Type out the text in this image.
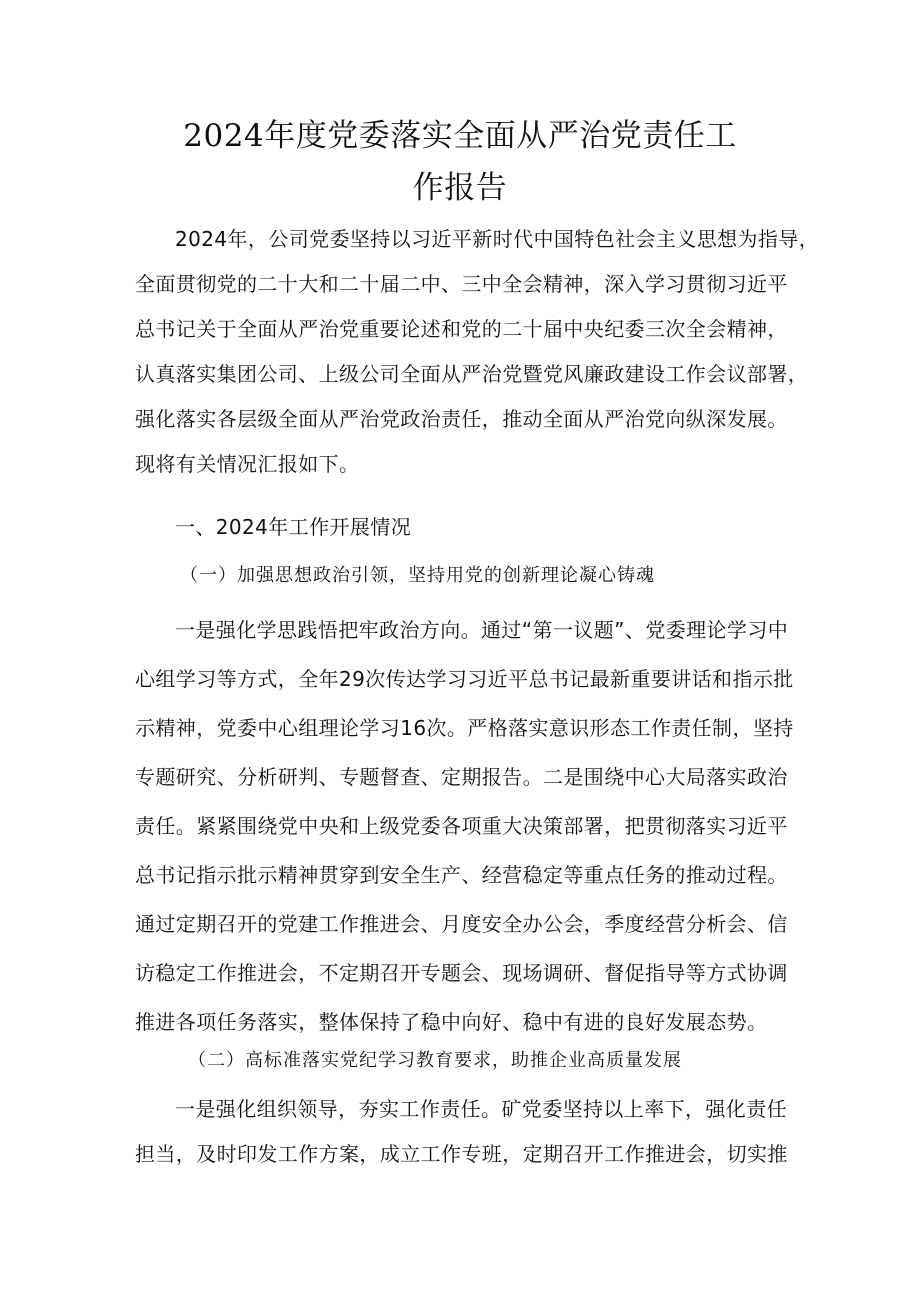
2024年度党委落实全面从严治党责任工
作报告

2024年，公司党委坚持以习近平新时代中国特色社会主义思想为指导，
全面贯彻党的二十大和二十届二中、三中全会精神，深入学习贯彻习近平
总书记关于全面从严治党重要论述和党的二十届中央纪委三次全会精神，
认真落实集团公司、上级公司全面从严治党暨党风廉政建设工作会议部署，
强化落实各层级全面从严治党政治责任，推动全面从严治党向纵深发展。
现将有关情况汇报如下。

一、2024年工作开展情况
（一）加强思想政治引领，坚持用党的创新理论凝心铸魂

一是强化学思践悟把牢政治方向。通过“第一议题”、党委理论学习中
心组学习等方式，全年29次传达学习习近平总书记最新重要讲话和指示批
示精神，党委中心组理论学习16次。严格落实意识形态工作责任制，坚持
专题研究、分析研判、专题督查、定期报告。二是围绕中心大局落实政治
责任。紧紧围绕党中央和上级党委各项重大决策部署，把贯彻落实习近平
总书记指示批示精神贯穿到安全生产、经营稳定等重点任务的推动过程。
通过定期召开的党建工作推进会、月度安全办公会，季度经营分析会、信
访稳定工作推进会，不定期召开专题会、现场调研、督促指导等方式协调
推进各项任务落实，整体保持了稳中向好、稳中有进的良好发展态势。

（二）高标准落实党纪学习教育要求，助推企业高质量发展

一是强化组织领导，夯实工作责任。矿党委坚持以上率下，强化责任
担当，及时印发工作方案，成立工作专班，定期召开工作推进会，切实推
